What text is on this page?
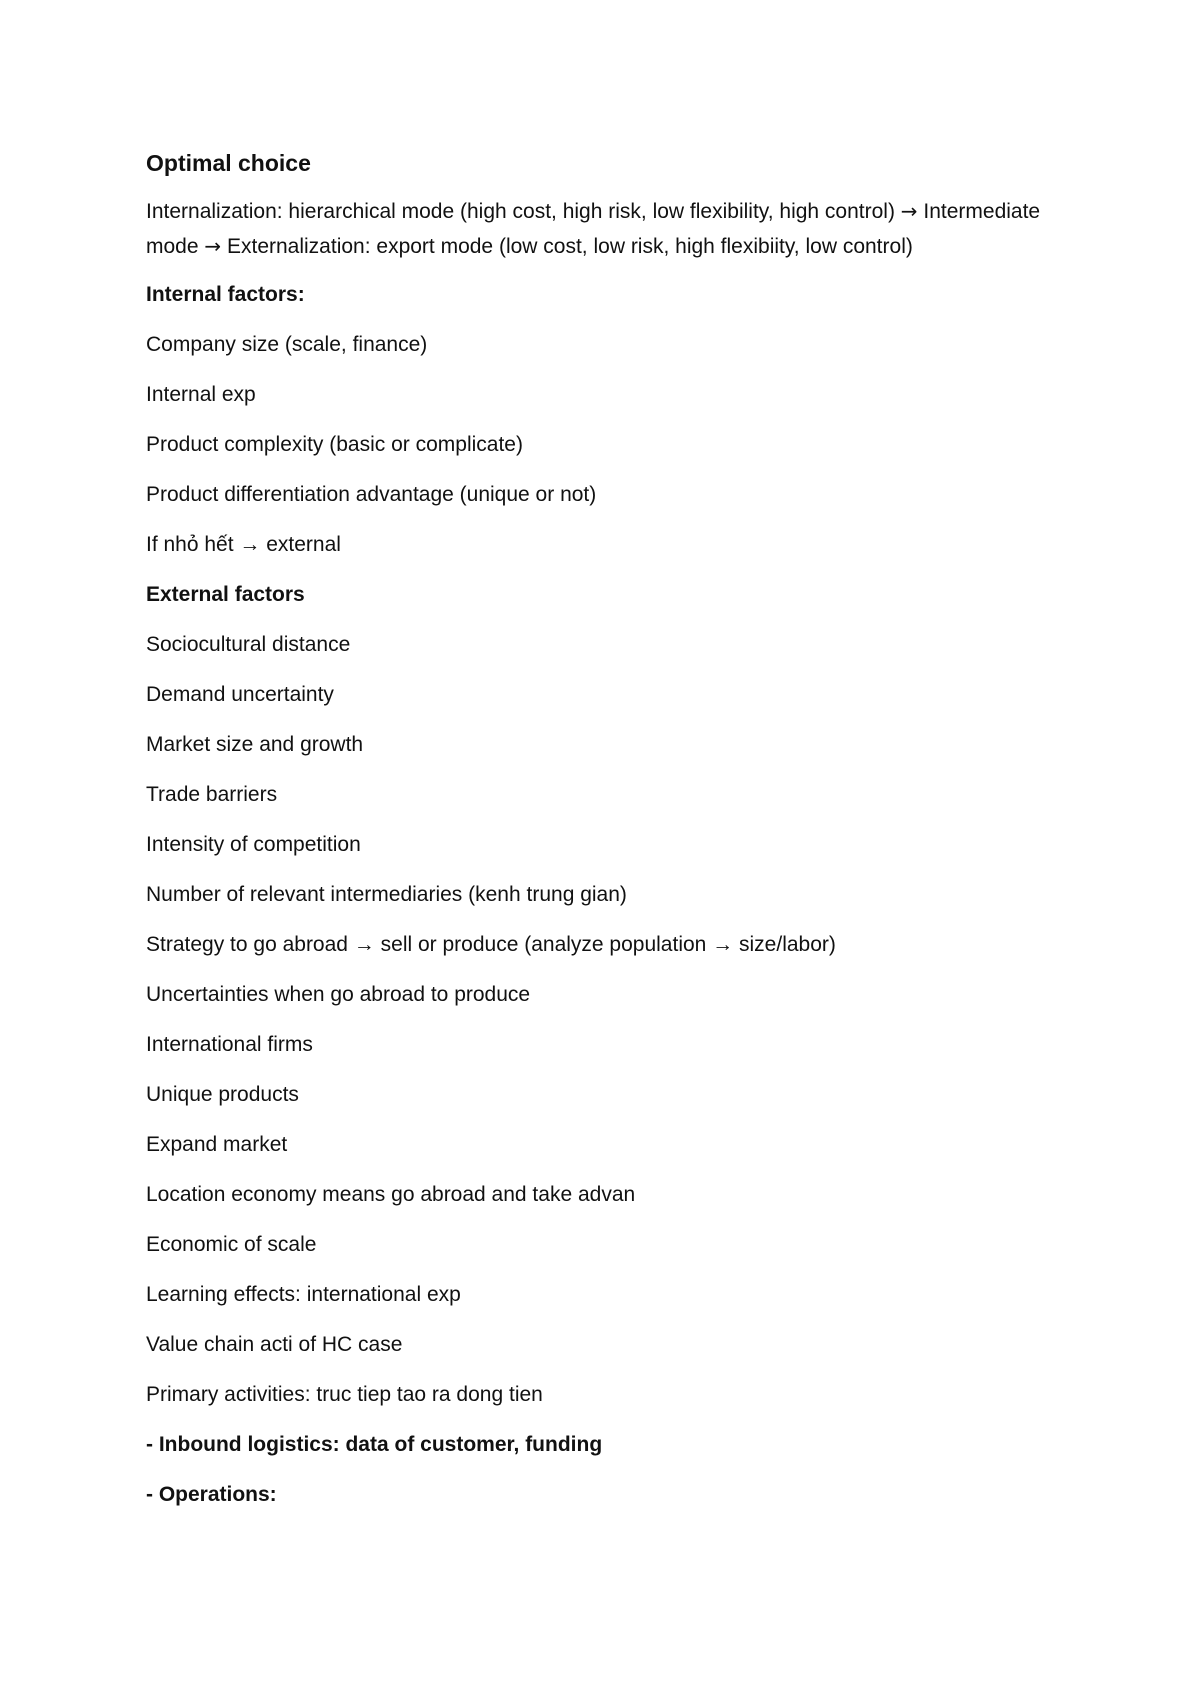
Optimal choice
Internalization: hierarchical mode (high cost, high risk, low flexibility, high control) → Intermediate mode → Externalization: export mode (low cost, low risk, high flexibiity, low control)
Internal factors:
Company size (scale, finance)
Internal exp
Product complexity (basic or complicate)
Product differentiation advantage (unique or not)
If nhỏ hết → external
External factors
Sociocultural distance
Demand uncertainty
Market size and growth
Trade barriers
Intensity of competition
Number of relevant intermediaries (kenh trung gian)
Strategy to go abroad → sell or produce (analyze population → size/labor)
Uncertainties when go abroad to produce
International firms
Unique products
Expand market
Location economy means go abroad and take advan
Economic of scale
Learning effects: international exp
Value chain acti of HC case
Primary activities: truc tiep tao ra dong tien
- Inbound logistics: data of customer, funding
- Operations:
